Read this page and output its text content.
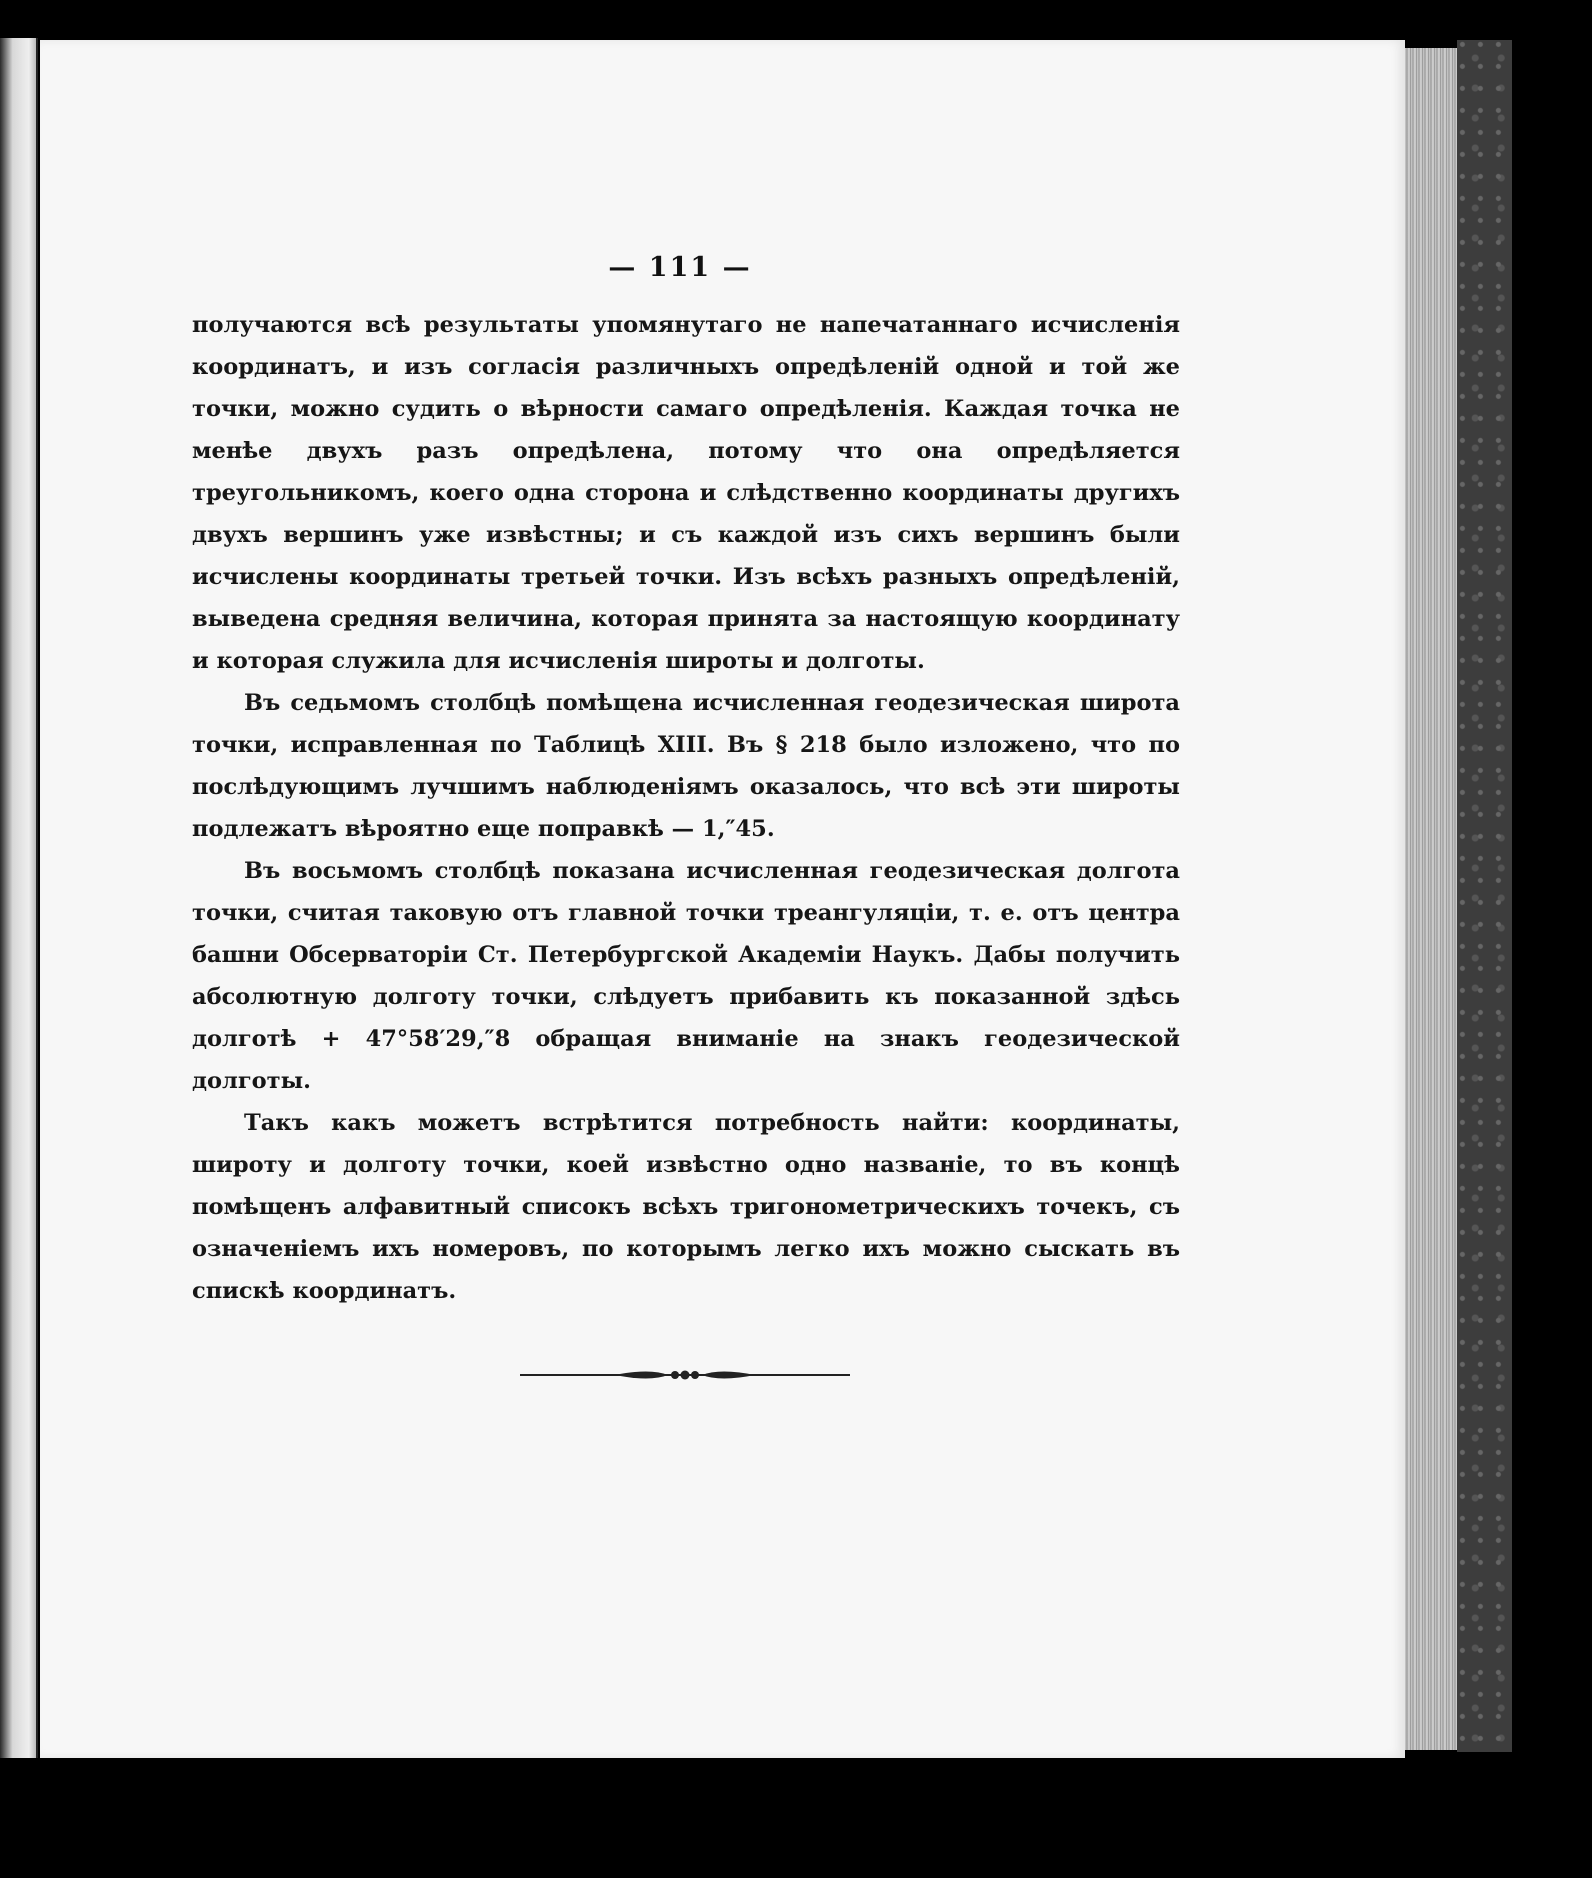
— 111 —

получаются всѣ результаты упомянутаго не напечатаннаго исчисленія координатъ, и изъ согласія различныхъ опредѣленій одной и той же точки, можно судить о вѣрности самаго опредѣленія. Каждая точка не менѣе двухъ разъ опредѣлена, потому что она опредѣляется треугольникомъ, коего одна сторона и слѣдственно координаты другихъ двухъ вершинъ уже извѣстны; и съ каждой изъ сихъ вершинъ были исчислены координаты третьей точки. Изъ всѣхъ разныхъ опредѣленій, выведена средняя величина, которая принята за настоящую координату и которая служила для исчисленія широты и долготы.

Въ седьмомъ столбцѣ помѣщена исчисленная геодезическая широта точки, исправленная по Таблицѣ XIII. Въ § 218 было изложено, что по послѣдующимъ лучшимъ наблюденіямъ оказалось, что всѣ эти широты подлежатъ вѣроятно еще поправкѣ — 1,″45.

Въ восьмомъ столбцѣ показана исчисленная геодезическая долгота точки, считая таковую отъ главной точки треангуляціи, т. е. отъ центра башни Обсерваторіи Ст. Петербургской Академіи Наукъ. Дабы получить абсолютную долготу точки, слѣдуетъ прибавить къ показанной здѣсь долготѣ + 47°58′29,″8 обращая вниманіе на знакъ геодезической долготы.

Такъ какъ можетъ встрѣтится потребность найти: координаты, широту и долготу точки, коей извѣстно одно названіе, то въ концѣ помѣщенъ алфавитный списокъ всѣхъ тригонометрическихъ точекъ, съ означеніемъ ихъ номеровъ, по которымъ легко ихъ можно сыскать въ спискѣ координатъ.
